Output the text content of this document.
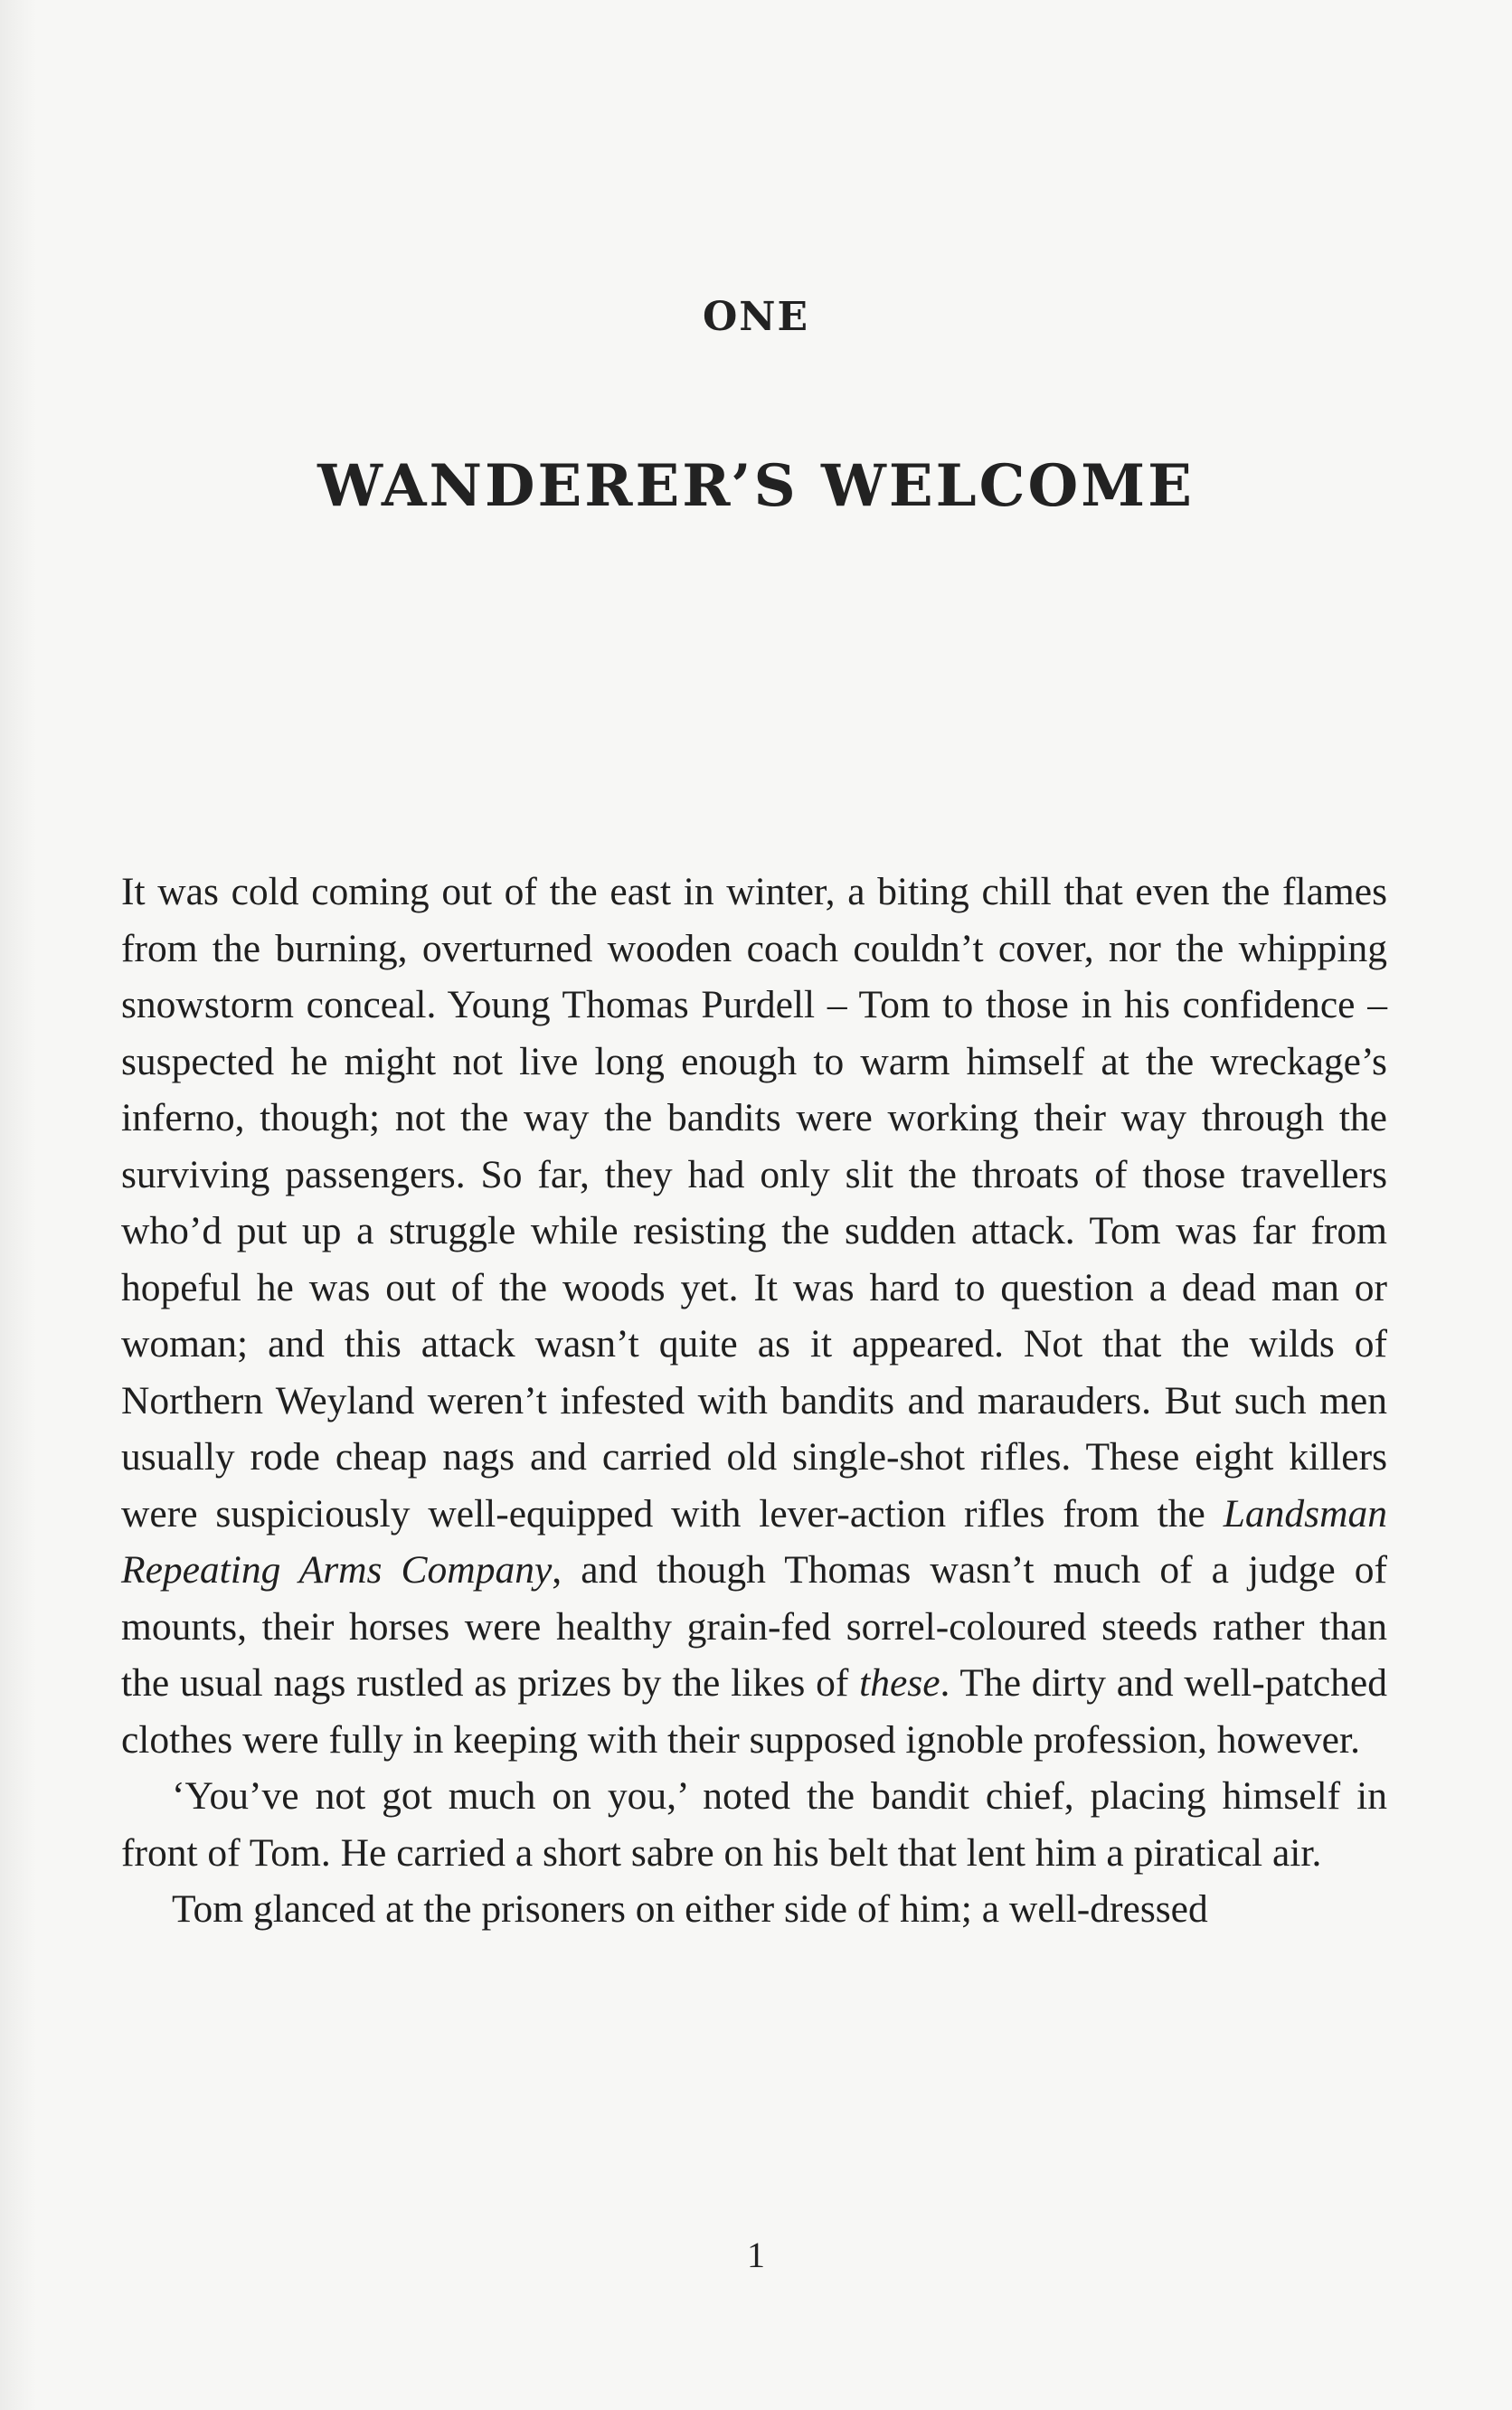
ONE
WANDERER’S WELCOME

It was cold coming out of the east in winter, a biting chill that even the flames from the burning, overturned wooden coach couldn’t cover, nor the whipping snowstorm conceal. Young Thomas Purdell – Tom to those in his confidence – suspected he might not live long enough to warm himself at the wreckage’s inferno, though; not the way the bandits were working their way through the surviving passengers. So far, they had only slit the throats of those travellers who’d put up a struggle while resisting the sudden attack. Tom was far from hopeful he was out of the woods yet. It was hard to question a dead man or woman; and this attack wasn’t quite as it appeared. Not that the wilds of Northern Weyland weren’t infested with bandits and marauders. But such men usually rode cheap nags and carried old single-shot rifles. These eight killers were suspiciously well-equipped with lever-action rifles from the Landsman Repeating Arms Company, and though Thomas wasn’t much of a judge of mounts, their horses were healthy grain-fed sorrel-coloured steeds rather than the usual nags rustled as prizes by the likes of these. The dirty and well-patched clothes were fully in keeping with their supposed ignoble profession, however.

‘You’ve not got much on you,’ noted the bandit chief, placing himself in front of Tom. He carried a short sabre on his belt that lent him a piratical air.

Tom glanced at the prisoners on either side of him; a well-dressed

1
